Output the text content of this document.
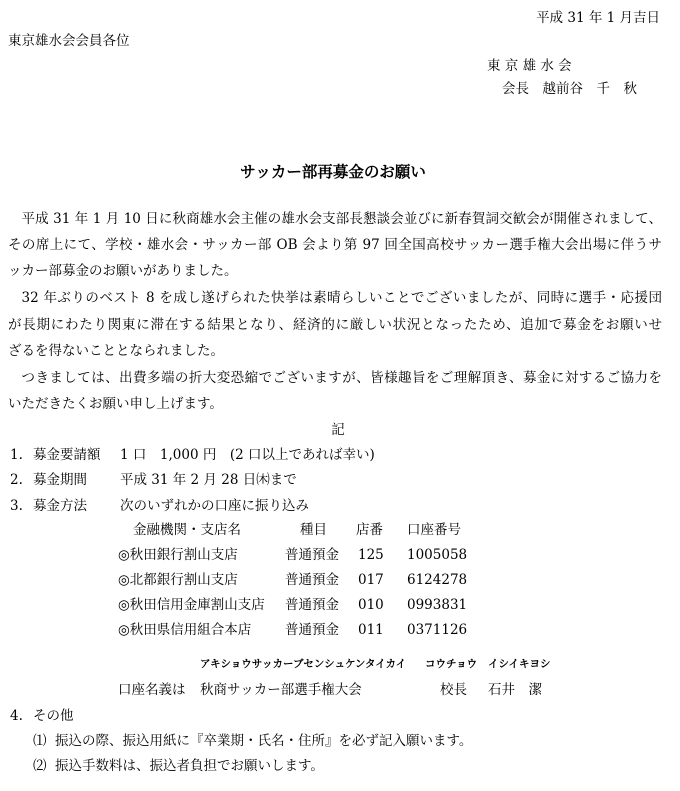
平成 31 年 1 月吉日
東京雄水会会員各位
東 京 雄 水 会
会長　越前谷　千　秋
サッカー部再募金のお願い
平成 31 年 1 月 10 日に秋商雄水会主催の雄水会支部長懇談会並びに新春賀詞交歓会が開催されまして、
その席上にて、学校・雄水会・サッカー部 OB 会より第 97 回全国高校サッカー選手権大会出場に伴うサ
ッカー部募金のお願いがありました。
32 年ぶりのベスト 8 を成し遂げられた快挙は素晴らしいことでございましたが、同時に選手・応援団
が長期にわたり関東に滞在する結果となり、経済的に厳しい状況となったため、追加で募金をお願いせ
ざるを得ないこととなられました。
つきましては、出費多端の折大変恐縮でございますが、皆様趣旨をご理解頂き、募金に対するご協力を
いただきたくお願い申し上げます。
記
1. 募金要請額 1 口　1,000 円　(2 口以上であれば幸い)
2. 募金期間 平成 31 年 2 月 28 日㈭まで
3. 募金方法 次のいずれかの口座に振り込み
金融機関・支店名	種目 店番 口座番号
◎秋田銀行割山支店	普通預金 125 1005058
◎北都銀行割山支店	普通預金 017 6124278
◎秋田信用金庫割山支店 普通預金 010 0993831
◎秋田県信用組合本店 普通預金 011 0371126
アキショウサッカーブセンシュケンタイカイ コウチョウ イシイキヨシ
口座名義は 秋商サッカー部選手権大会	校長 石井　潔
4. その他
⑴ 振込の際、振込用紙に『卒業期・氏名・住所』を必ず記入願います。
⑵ 振込手数料は、振込者負担でお願いします。
